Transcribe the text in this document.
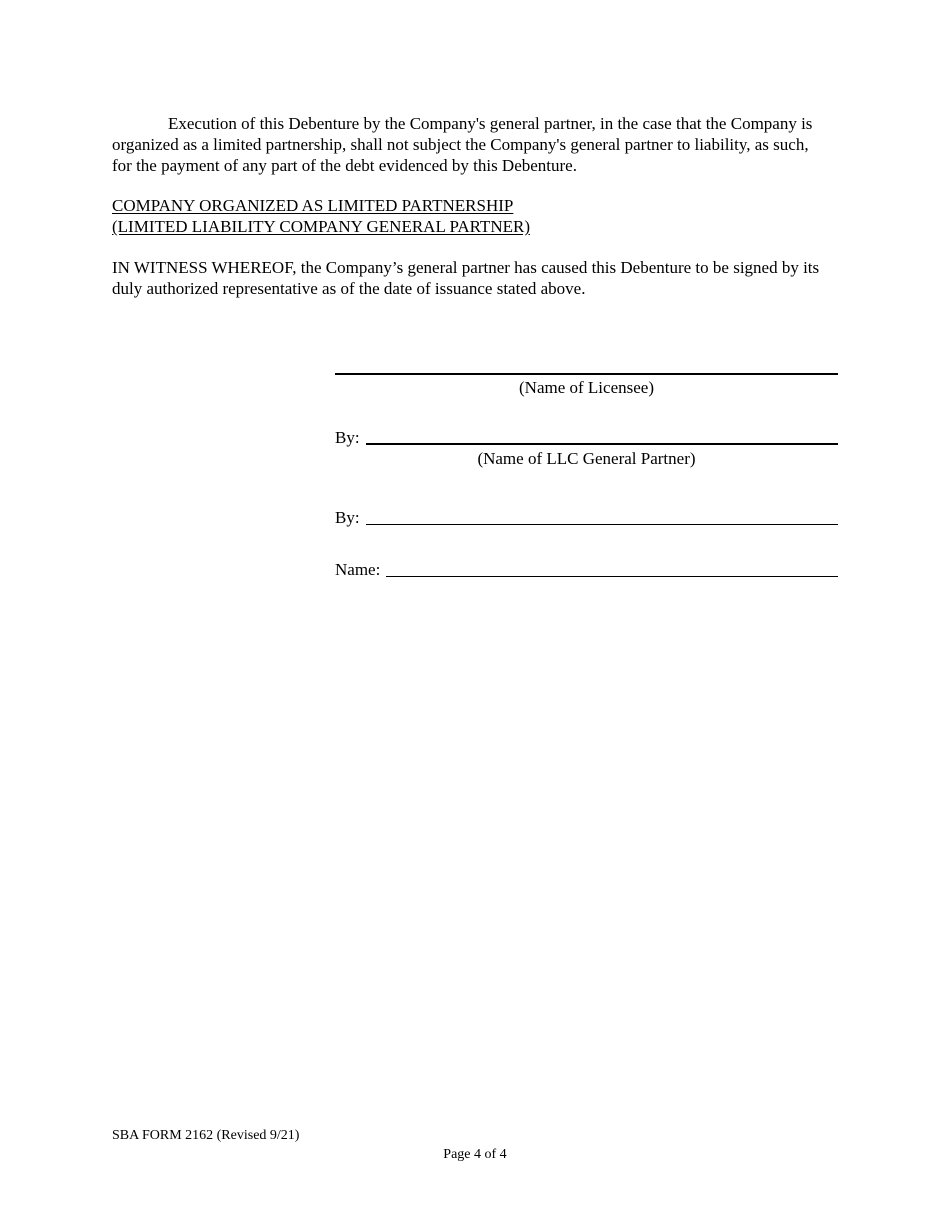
Execution of this Debenture by the Company's general partner, in the case that the Company is organized as a limited partnership, shall not subject the Company's general partner to liability, as such, for the payment of any part of the debt evidenced by this Debenture.

COMPANY ORGANIZED AS LIMITED PARTNERSHIP
(LIMITED LIABILITY COMPANY GENERAL PARTNER)

IN WITNESS WHEREOF, the Company’s general partner has caused this Debenture to be signed by its duly authorized representative as of the date of issuance stated above.

(Name of Licensee)
By:
(Name of LLC General Partner)
By:
Name:
SBA FORM 2162 (Revised 9/21)
Page 4 of 4
